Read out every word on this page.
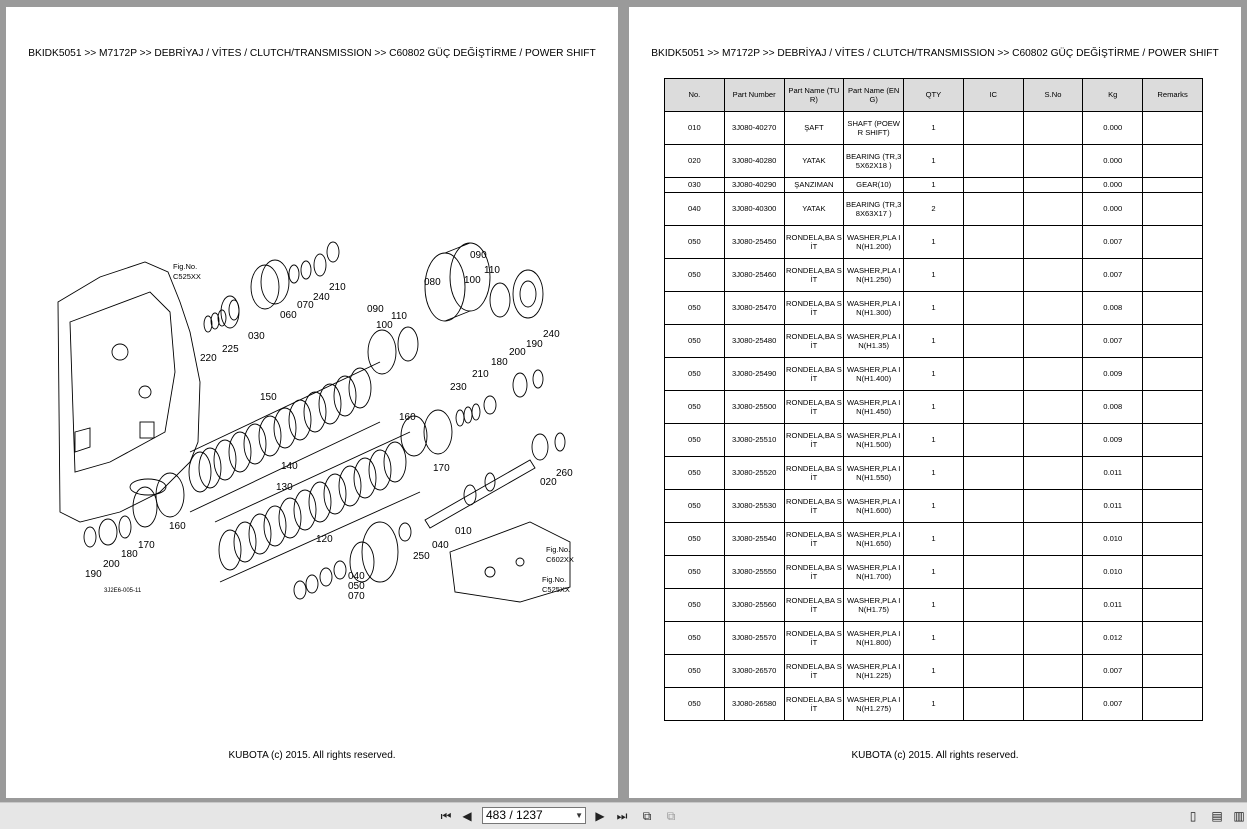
BKIDK5051 >> M7172P >> DEBRİYAJ / VİTES / CLUTCH/TRANSMISSION >> C60802 GÜÇ DEĞİŞTİRME / POWER SHIFT
Fig.No.
C525XX
Fig.No.
C602XX
Fig.No.
C525XX
3J2E6-005-11
220
225
030
060
070
240
210
090
110
100
080
090
110
100
240
190
200
180
210
230
150
160
170
140
130
260
020
010
040
250
120
160
170
180
200
190	040
050
070
KUBOTA (c) 2015. All rights reserved.
BKIDK5051 >> M7172P >> DEBRİYAJ / VİTES / CLUTCH/TRANSMISSION >> C60802 GÜÇ DEĞİŞTİRME / POWER SHIFT
No.	Part Number	Part Name (TUR)	Part Name (ENG)	QTY	IC	S.No	Kg	Remarks
010	3J080-40270	ŞAFT	SHAFT (POEWR SHIFT)	1			0.000	
020	3J080-40280	YATAK	BEARING (TR,35X62X18 )	1			0.000	
030	3J080-40290	ŞANZIMAN	GEAR(10)	1			0.000	
040	3J080-40300	YATAK	BEARING (TR,38X63X17 )	2			0.000	
050	3J080-25450	RONDELA,BA SİT	WASHER,PLA IN(H1.200)	1			0.007	
050	3J080-25460	RONDELA,BA SİT	WASHER,PLA IN(H1.250)	1			0.007	
050	3J080-25470	RONDELA,BA SİT	WASHER,PLA IN(H1.300)	1			0.008	
050	3J080-25480	RONDELA,BA SİT	WASHER,PLA IN(H1.35)	1			0.007	
050	3J080-25490	RONDELA,BA SİT	WASHER,PLA IN(H1.400)	1			0.009	
050	3J080-25500	RONDELA,BA SİT	WASHER,PLA IN(H1.450)	1			0.008	
050	3J080-25510	RONDELA,BA SİT	WASHER,PLA IN(H1.500)	1			0.009	
050	3J080-25520	RONDELA,BA SİT	WASHER,PLA IN(H1.550)	1			0.011	
050	3J080-25530	RONDELA,BA SİT	WASHER,PLA IN(H1.600)	1			0.011	
050	3J080-25540	RONDELA,BA SİT	WASHER,PLA IN(H1.650)	1			0.010	
050	3J080-25550	RONDELA,BA SİT	WASHER,PLA IN(H1.700)	1			0.010	
050	3J080-25560	RONDELA,BA SİT	WASHER,PLA IN(H1.75)	1			0.011	
050	3J080-25570	RONDELA,BA SİT	WASHER,PLA IN(H1.800)	1			0.012	
050	3J080-26570	RONDELA,BA SİT	WASHER,PLA IN(H1.225)	1			0.007	
050	3J080-26580	RONDELA,BA SİT	WASHER,PLA IN(H1.275)	1			0.007	
KUBOTA (c) 2015. All rights reserved.
⏮ ◀	483 / 1237	▼	▶ ⏭	⧉	⧉	▯	▤ ▥
